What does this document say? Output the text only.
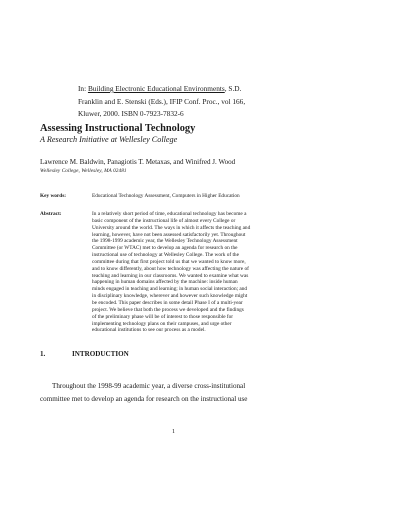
In: Building Electronic Educational Environments, S.D.
Franklin and E. Stenski (Eds.), IFIP Conf. Proc., vol 166,
Kluwer, 2000. ISBN 0-7923-7832-6
Assessing Instructional Technology
A Research Initiative at Wellesley College
Lawrence M. Baldwin, Panagiotis T. Metaxas, and Winifred J. Wood
Wellesley College, Wellesley, MA 02481
Key words:	Educational Technology Assessment, Computers in Higher Education
Abstract:	In a relatively short period of time, educational technology has become a
basic component of the instructional life of almost every College or
University around the world. The ways in which it affects the teaching and
learning, however, have not been assessed satisfactorily yet. Throughout
the 1998-1999 academic year, the Wellesley Technology Assessment
Committee (or WTAC) met to develop an agenda for research on the
instructional use of technology at Wellesley College. The work of the
committee during that first project told us that we wanted to know more,
and to know differently, about how technology was affecting the nature of
teaching and learning in our classrooms. We wanted to examine what was
happening in human domains affected by the machine: inside human
minds engaged in teaching and learning; in human social interaction; and
in disciplinary knowledge, wherever and however such knowledge might
be encoded. This paper describes in some detail Phase I of a multi-year
project. We believe that both the process we developed and the findings
of the preliminary phase will be of interest to those responsible for
implementing technology plans on their campuses, and urge other
educational institutions to see our process as a model.
1.	INTRODUCTION
Throughout the 1998-99 academic year, a diverse cross-institutional
committee met to develop an agenda for research on the instructional use
1
